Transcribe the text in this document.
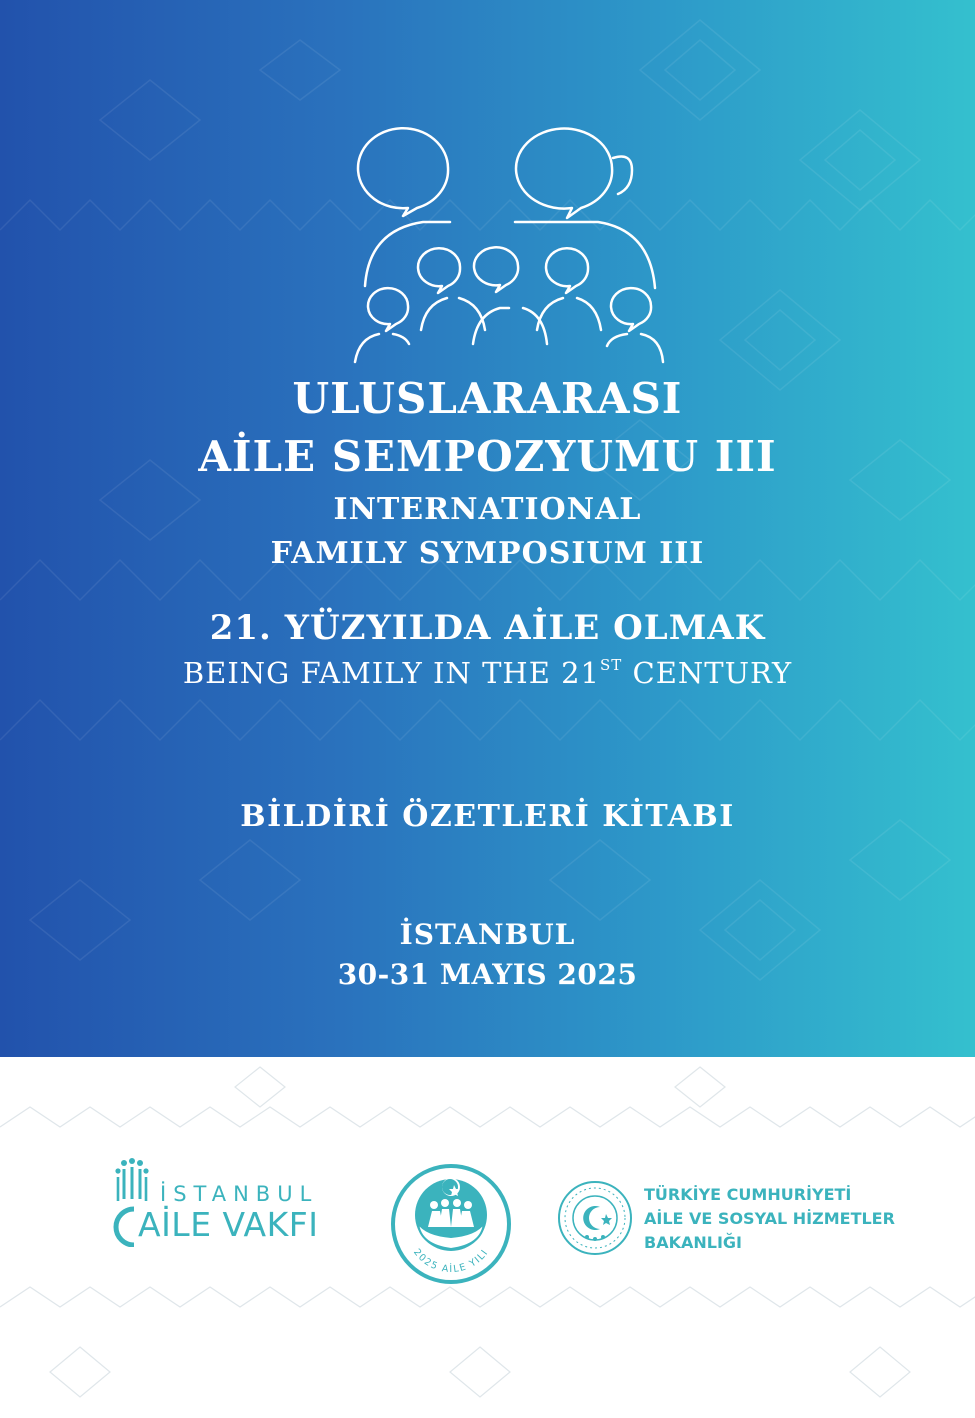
ULUSLARARASI
AİLE SEMPOZYUMU III
INTERNATIONAL
FAMILY SYMPOSIUM III
21. YÜZYILDA AİLE OLMAK
BEING FAMILY IN THE 21ST CENTURY
BİLDİRİ ÖZETLERİ KİTABI
İSTANBUL
30-31 MAYIS 2025
İSTANBUL
AİLE VAKFI
2025 AİLE YILI
TÜRKİYE CUMHURİYETİ
AİLE VE SOSYAL HİZMETLER
BAKANLIĞI
